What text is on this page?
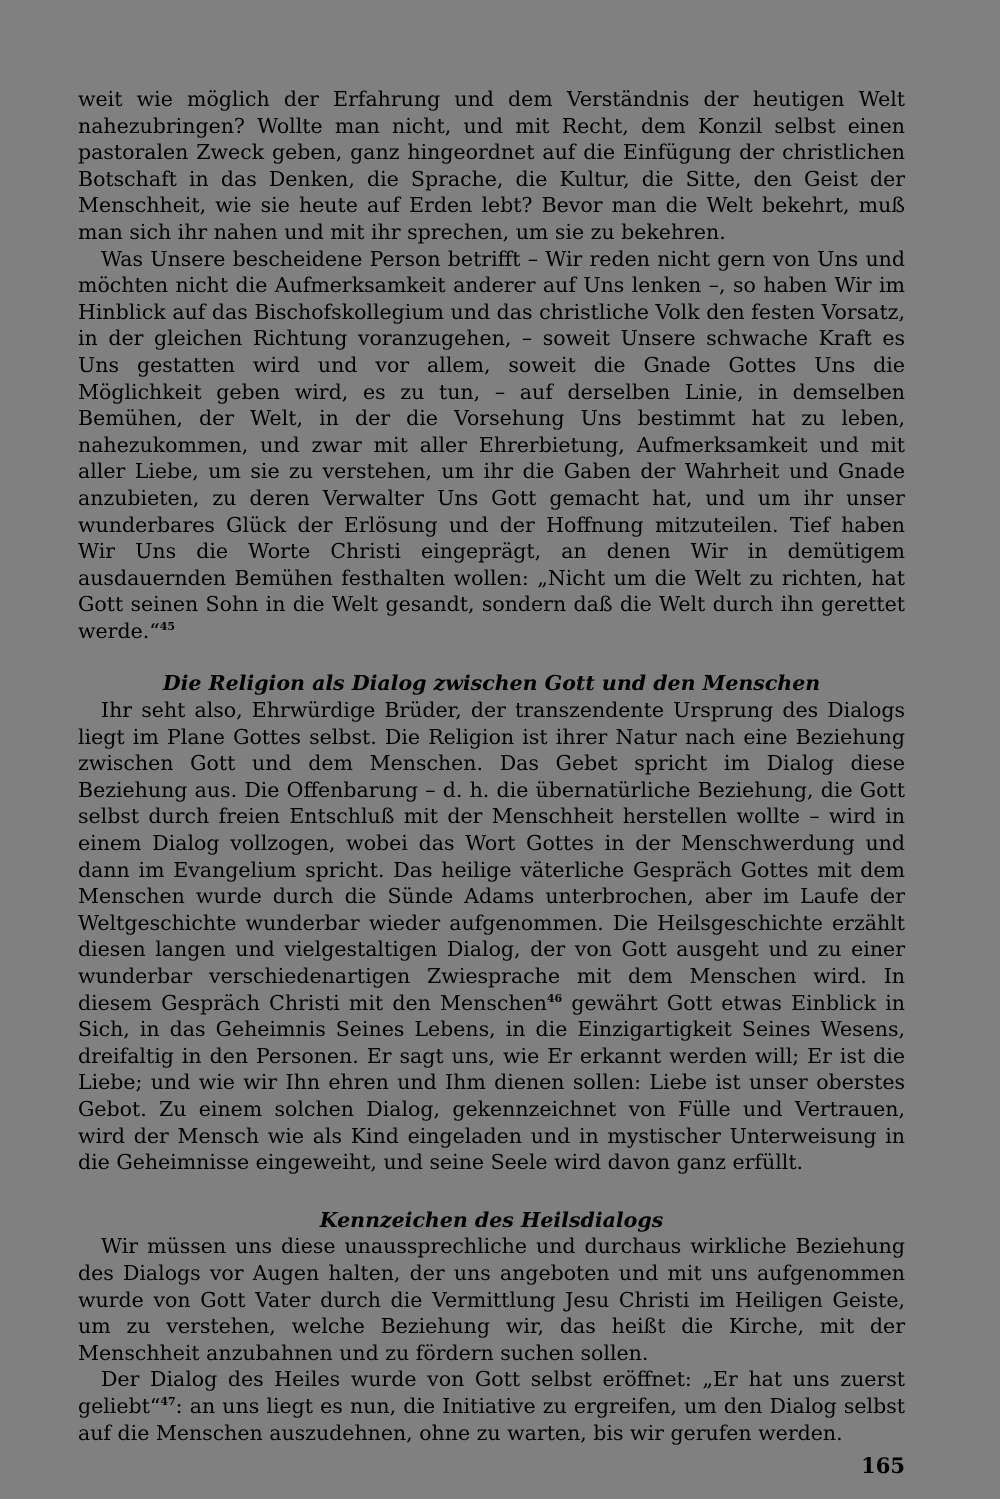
weit wie möglich der Erfahrung und dem Verständnis der heutigen Welt nahezubringen? Wollte man nicht, und mit Recht, dem Konzil selbst einen pastoralen Zweck geben, ganz hingeordnet auf die Einfügung der christlichen Botschaft in das Denken, die Sprache, die Kultur, die Sitte, den Geist der Menschheit, wie sie heute auf Erden lebt? Bevor man die Welt bekehrt, muß man sich ihr nahen und mit ihr sprechen, um sie zu bekehren.

Was Unsere bescheidene Person betrifft – Wir reden nicht gern von Uns und möchten nicht die Aufmerksamkeit anderer auf Uns lenken –, so haben Wir im Hinblick auf das Bischofskollegium und das christliche Volk den festen Vorsatz, in der gleichen Richtung voranzugehen, – soweit Unsere schwache Kraft es Uns gestatten wird und vor allem, soweit die Gnade Gottes Uns die Möglichkeit geben wird, es zu tun, – auf derselben Linie, in demselben Bemühen, der Welt, in der die Vorsehung Uns bestimmt hat zu leben, nahezukommen, und zwar mit aller Ehrerbietung, Aufmerksamkeit und mit aller Liebe, um sie zu verstehen, um ihr die Gaben der Wahrheit und Gnade anzubieten, zu deren Verwalter Uns Gott gemacht hat, und um ihr unser wunderbares Glück der Erlösung und der Hoffnung mitzuteilen. Tief haben Wir Uns die Worte Christi eingeprägt, an denen Wir in demütigem ausdauernden Bemühen festhalten wollen: „Nicht um die Welt zu richten, hat Gott seinen Sohn in die Welt gesandt, sondern daß die Welt durch ihn gerettet werde.“$^{45}$

Die Religion als Dialog zwischen Gott und den Menschen

Ihr seht also, Ehrwürdige Brüder, der transzendente Ursprung des Dialogs liegt im Plane Gottes selbst. Die Religion ist ihrer Natur nach eine Beziehung zwischen Gott und dem Menschen. Das Gebet spricht im Dialog diese Beziehung aus. Die Offenbarung – d. h. die übernatürliche Beziehung, die Gott selbst durch freien Entschluß mit der Menschheit herstellen wollte – wird in einem Dialog vollzogen, wobei das Wort Gottes in der Menschwerdung und dann im Evangelium spricht. Das heilige väterliche Gespräch Gottes mit dem Menschen wurde durch die Sünde Adams unterbrochen, aber im Laufe der Weltgeschichte wunderbar wieder aufgenommen. Die Heilsgeschichte erzählt diesen langen und vielgestaltigen Dialog, der von Gott ausgeht und zu einer wunderbar verschiedenartigen Zwiesprache mit dem Menschen wird. In diesem Gespräch Christi mit den Menschen$^{46}$ gewährt Gott etwas Einblick in Sich, in das Geheimnis Seines Lebens, in die Einzigartigkeit Seines Wesens, dreifaltig in den Personen. Er sagt uns, wie Er erkannt werden will; Er ist die Liebe; und wie wir Ihn ehren und Ihm dienen sollen: Liebe ist unser oberstes Gebot. Zu einem solchen Dialog, gekennzeichnet von Fülle und Vertrauen, wird der Mensch wie als Kind eingeladen und in mystischer Unterweisung in die Geheimnisse eingeweiht, und seine Seele wird davon ganz erfüllt.

Kennzeichen des Heilsdialogs

Wir müssen uns diese unaussprechliche und durchaus wirkliche Beziehung des Dialogs vor Augen halten, der uns angeboten und mit uns aufgenommen wurde von Gott Vater durch die Vermittlung Jesu Christi im Heiligen Geiste, um zu verstehen, welche Beziehung wir, das heißt die Kirche, mit der Menschheit anzubahnen und zu fördern suchen sollen.

Der Dialog des Heiles wurde von Gott selbst eröffnet: „Er hat uns zuerst geliebt“$^{47}$: an uns liegt es nun, die Initiative zu ergreifen, um den Dialog selbst auf die Menschen auszudehnen, ohne zu warten, bis wir gerufen werden.

165
